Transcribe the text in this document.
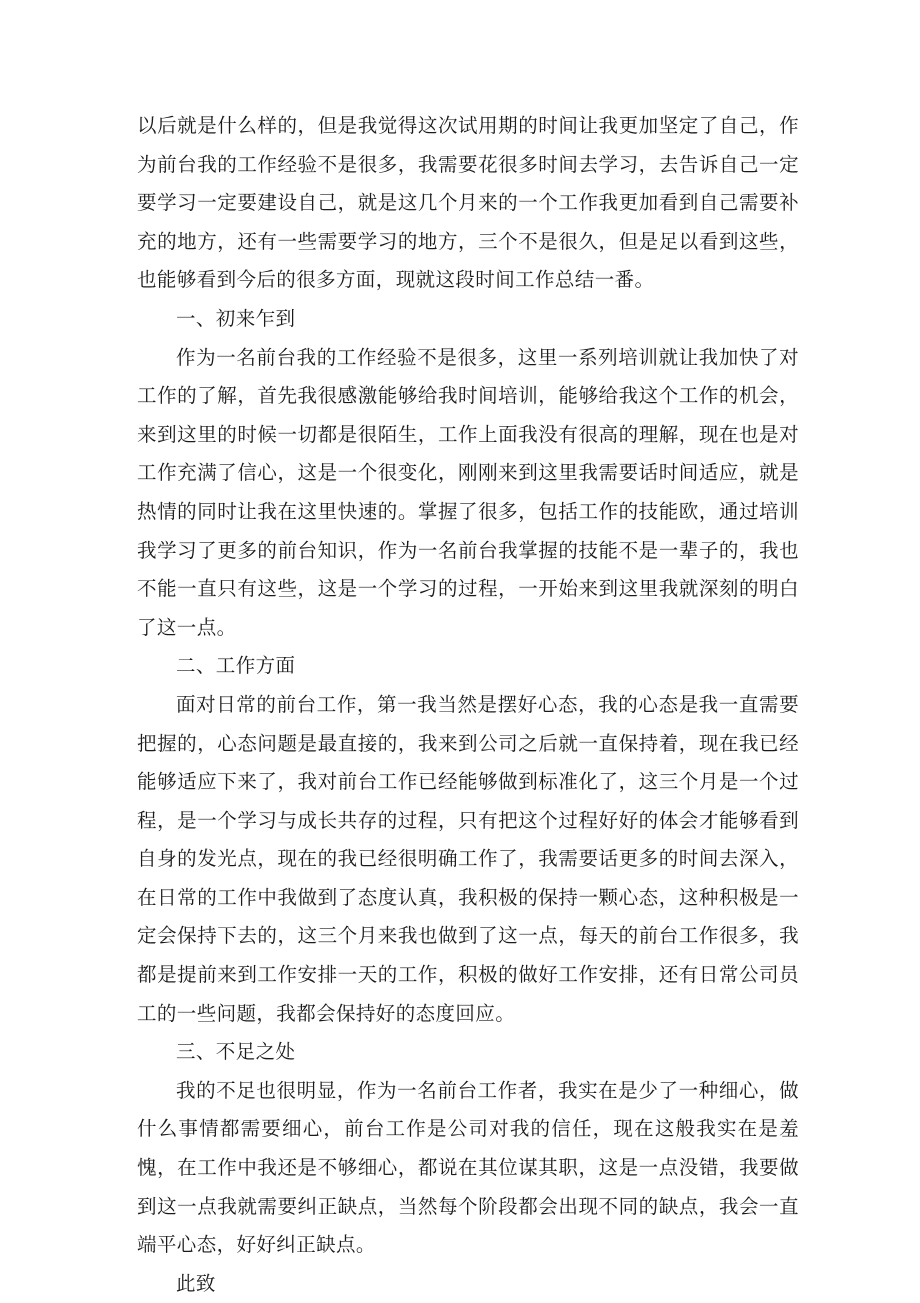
以后就是什么样的，但是我觉得这次试用期的时间让我更加坚定了自己，作为前台我的工作经验不是很多，我需要花很多时间去学习，去告诉自己一定要学习一定要建设自己，就是这几个月来的一个工作我更加看到自己需要补充的地方，还有一些需要学习的地方，三个不是很久，但是足以看到这些，也能够看到今后的很多方面，现就这段时间工作总结一番。

一、初来乍到

作为一名前台我的工作经验不是很多，这里一系列培训就让我加快了对工作的了解，首先我很感激能够给我时间培训，能够给我这个工作的机会，来到这里的时候一切都是很陌生，工作上面我没有很高的理解，现在也是对工作充满了信心，这是一个很变化，刚刚来到这里我需要话时间适应，就是热情的同时让我在这里快速的。掌握了很多，包括工作的技能欧，通过培训我学习了更多的前台知识，作为一名前台我掌握的技能不是一辈子的，我也不能一直只有这些，这是一个学习的过程，一开始来到这里我就深刻的明白了这一点。

二、工作方面

面对日常的前台工作，第一我当然是摆好心态，我的心态是我一直需要把握的，心态问题是最直接的，我来到公司之后就一直保持着，现在我已经能够适应下来了，我对前台工作已经能够做到标准化了，这三个月是一个过程，是一个学习与成长共存的过程，只有把这个过程好好的体会才能够看到自身的发光点，现在的我已经很明确工作了，我需要话更多的时间去深入，在日常的工作中我做到了态度认真，我积极的保持一颗心态，这种积极是一定会保持下去的，这三个月来我也做到了这一点，每天的前台工作很多，我都是提前来到工作安排一天的工作，积极的做好工作安排，还有日常公司员工的一些问题，我都会保持好的态度回应。

三、不足之处

我的不足也很明显，作为一名前台工作者，我实在是少了一种细心，做什么事情都需要细心，前台工作是公司对我的信任，现在这般我实在是羞愧，在工作中我还是不够细心，都说在其位谋其职，这是一点没错，我要做到这一点我就需要纠正缺点，当然每个阶段都会出现不同的缺点，我会一直端平心态，好好纠正缺点。

此致
